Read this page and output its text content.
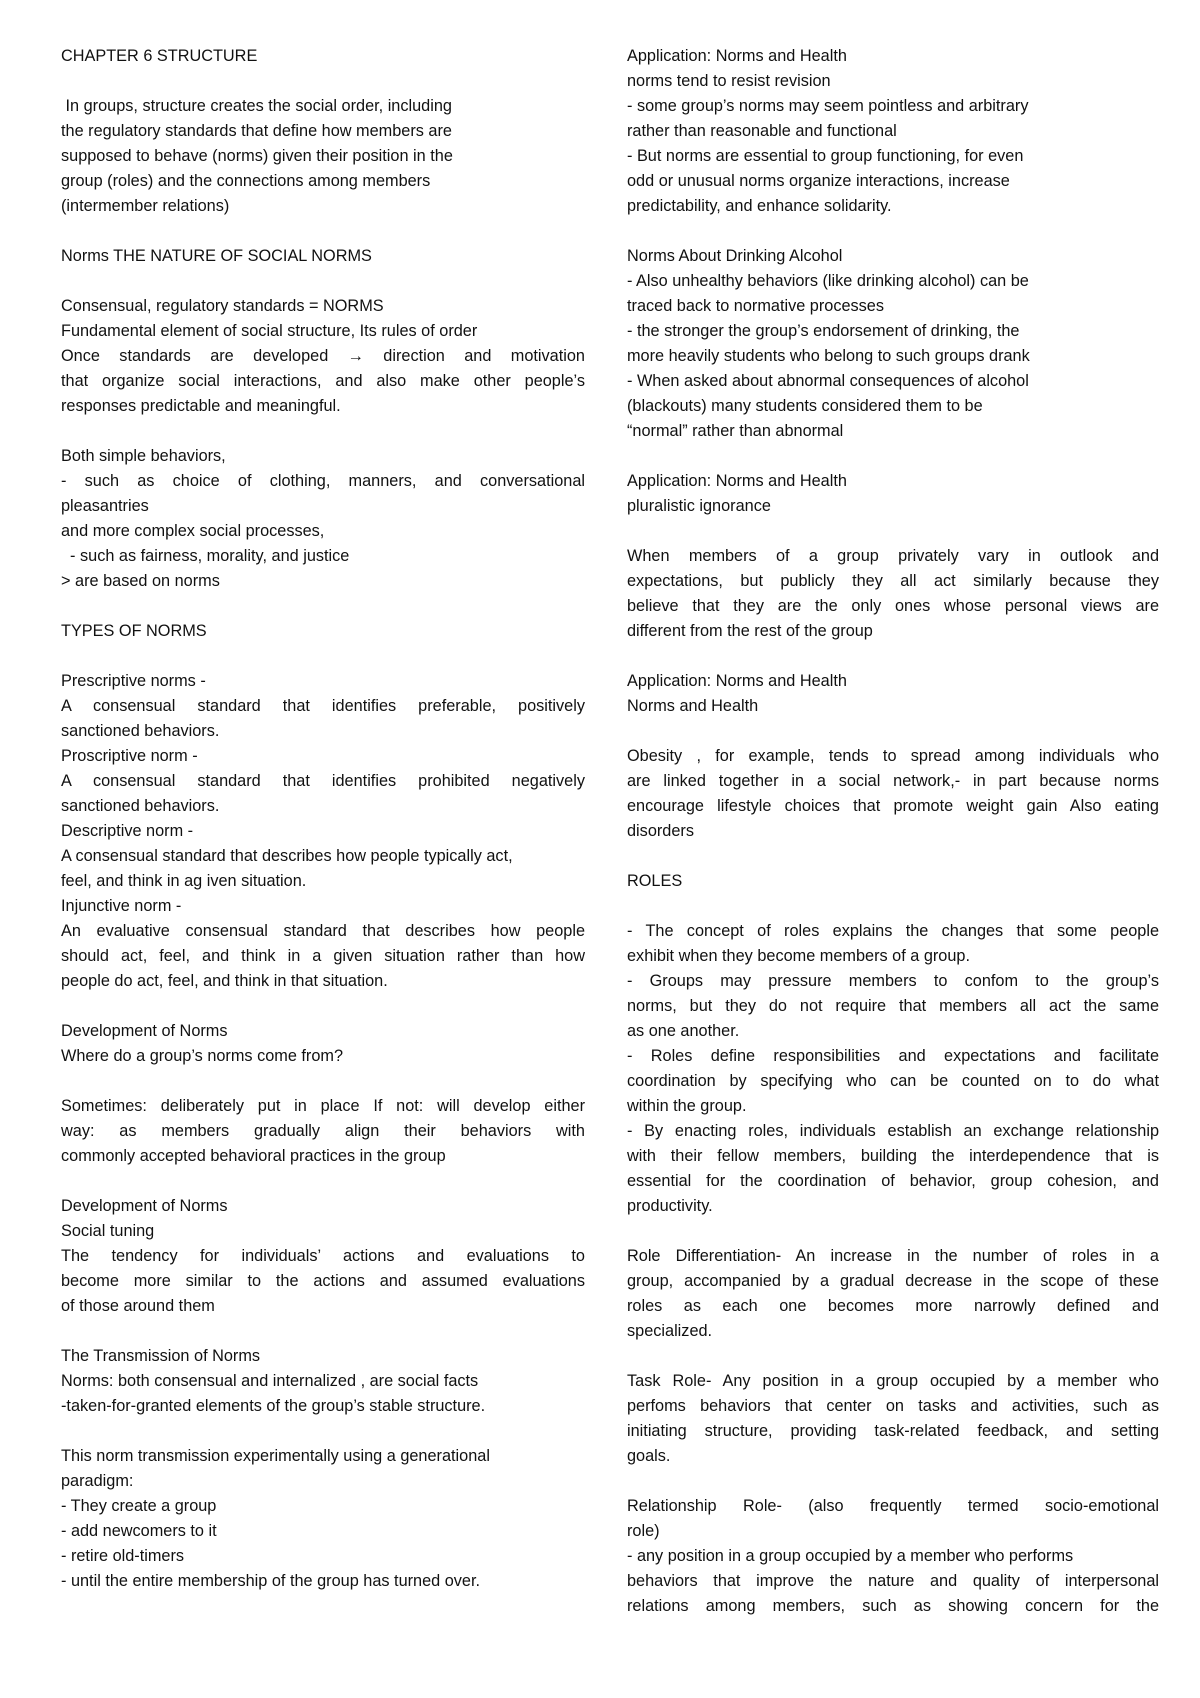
CHAPTER 6 STRUCTURE
In groups, structure creates the social order, including
the regulatory standards that define how members are
supposed to behave (norms) given their position in the
group (roles) and the connections among members
(intermember relations)
Norms THE NATURE OF SOCIAL NORMS
Consensual, regulatory standards = NORMS
Fundamental element of social structure, Its rules of order
Once standards are developed → direction and motivation
that organize social interactions, and also make other people’s
responses predictable and meaningful.
Both simple behaviors,
- such as choice of clothing, manners, and conversational
pleasantries
and more complex social processes,
- such as fairness, morality, and justice
> are based on norms
TYPES OF NORMS
Prescriptive norms -
A consensual standard that identifies preferable, positively
sanctioned behaviors.
Proscriptive norm -
A consensual standard that identifies prohibited negatively
sanctioned behaviors.
Descriptive norm -
A consensual standard that describes how people typically act,
feel, and think in ag iven situation.
Injunctive norm -
An evaluative consensual standard that describes how people
should act, feel, and think in a given situation rather than how
people do act, feel, and think in that situation.
Development of Norms
Where do a group’s norms come from?
Sometimes: deliberately put in place If not: will develop either
way: as members gradually align their behaviors with
commonly accepted behavioral practices in the group
Development of Norms
Social tuning
The tendency for individuals’ actions and evaluations to
become more similar to the actions and assumed evaluations
of those around them
The Transmission of Norms
Norms: both consensual and internalized , are social facts
-taken-for-granted elements of the group’s stable structure.
This norm transmission experimentally using a generational
paradigm:
- They create a group
- add newcomers to it
- retire old-timers
- until the entire membership of the group has turned over.
Application: Norms and Health
norms tend to resist revision
- some group’s norms may seem pointless and arbitrary
rather than reasonable and functional
- But norms are essential to group functioning, for even
odd or unusual norms organize interactions, increase
predictability, and enhance solidarity.
Norms About Drinking Alcohol
- Also unhealthy behaviors (like drinking alcohol) can be
traced back to normative processes
- the stronger the group’s endorsement of drinking, the
more heavily students who belong to such groups drank
- When asked about abnormal consequences of alcohol
(blackouts) many students considered them to be
“normal” rather than abnormal
Application: Norms and Health
pluralistic ignorance
When members of a group privately vary in outlook and
expectations, but publicly they all act similarly because they
believe that they are the only ones whose personal views are
different from the rest of the group
Application: Norms and Health
Norms and Health
Obesity , for example, tends to spread among individuals who
are linked together in a social network,- in part because norms
encourage lifestyle choices that promote weight gain Also eating
disorders
ROLES
- The concept of roles explains the changes that some people
exhibit when they become members of a group.
- Groups may pressure members to confom to the group’s
norms, but they do not require that members all act the same
as one another.
- Roles define responsibilities and expectations and facilitate
coordination by specifying who can be counted on to do what
within the group.
- By enacting roles, individuals establish an exchange relationship
with their fellow members, building the interdependence that is
essential for the coordination of behavior, group cohesion, and
productivity.
Role Differentiation- An increase in the number of roles in a
group, accompanied by a gradual decrease in the scope of these
roles as each one becomes more narrowly defined and
specialized.
Task Role- Any position in a group occupied by a member who
perfoms behaviors that center on tasks and activities, such as
initiating structure, providing task-related feedback, and setting
goals.
Relationship Role- (also frequently termed socio-emotional
role)
- any position in a group occupied by a member who performs
behaviors that improve the nature and quality of interpersonal
relations among members, such as showing concern for the
